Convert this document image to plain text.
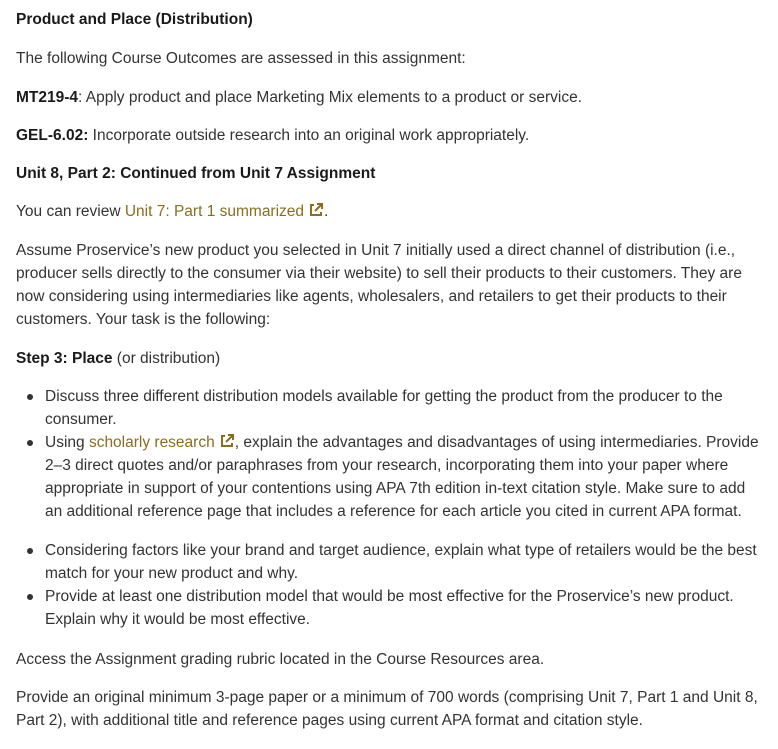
Product and Place (Distribution)

The following Course Outcomes are assessed in this assignment:

MT219-4: Apply product and place Marketing Mix elements to a product or service.

GEL-6.02: Incorporate outside research into an original work appropriately.

Unit 8, Part 2: Continued from Unit 7 Assignment

You can review Unit 7: Part 1 summarized .

Assume Proservice’s new product you selected in Unit 7 initially used a direct channel of distribution (i.e., producer sells directly to the consumer via their website) to sell their products to their customers. They are now considering using intermediaries like agents, wholesalers, and retailers to get their products to their customers. Your task is the following:

Step 3: Place (or distribution)

Discuss three different distribution models available for getting the product from the producer to the consumer.
Using scholarly research , explain the advantages and disadvantages of using intermediaries. Provide 2–3 direct quotes and/or paraphrases from your research, incorporating them into your paper where appropriate in support of your contentions using APA 7th edition in-text citation style. Make sure to add an additional reference page that includes a reference for each article you cited in current APA format.
Considering factors like your brand and target audience, explain what type of retailers would be the best match for your new product and why.
Provide at least one distribution model that would be most effective for the Proservice’s new product. Explain why it would be most effective.

Access the Assignment grading rubric located in the Course Resources area.

Provide an original minimum 3-page paper or a minimum of 700 words (comprising Unit 7, Part 1 and Unit 8, Part 2), with additional title and reference pages using current APA format and citation style.
